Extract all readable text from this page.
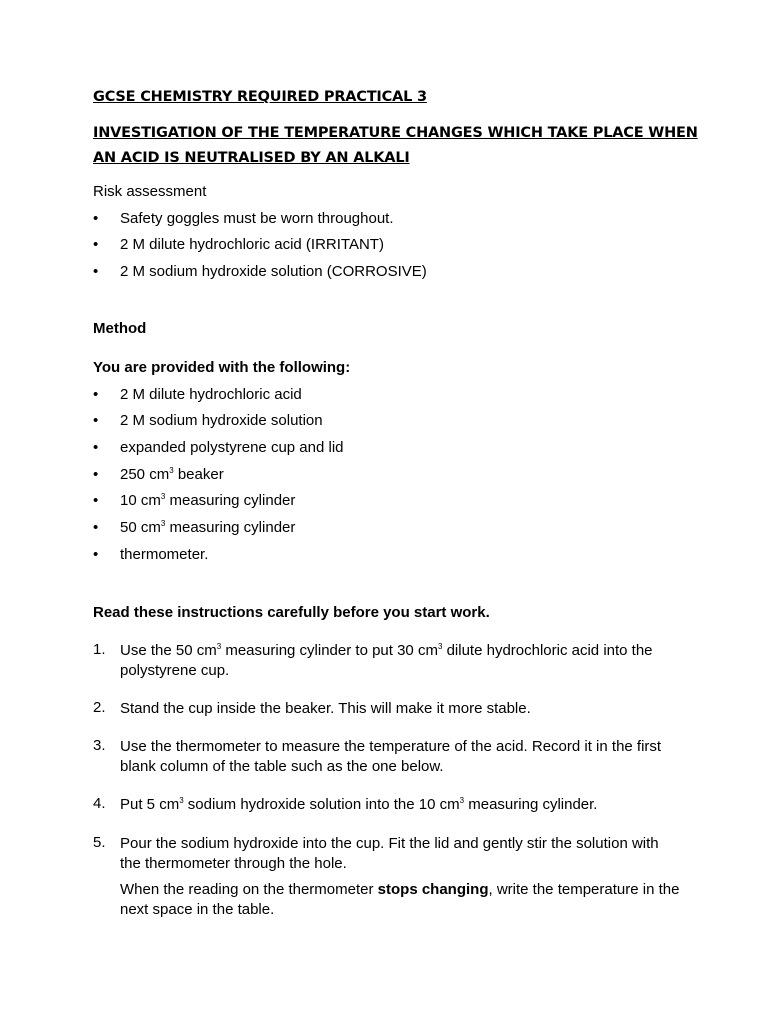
GCSE CHEMISTRY REQUIRED PRACTICAL 3
INVESTIGATION OF THE TEMPERATURE CHANGES WHICH TAKE PLACE WHEN
AN ACID IS NEUTRALISED BY AN ALKALI
Risk assessment
• Safety goggles must be worn throughout.
• 2 M dilute hydrochloric acid (IRRITANT)
• 2 M sodium hydroxide solution (CORROSIVE)
Method
You are provided with the following:
• 2 M dilute hydrochloric acid
• 2 M sodium hydroxide solution
• expanded polystyrene cup and lid
• 250 $cm^3$ beaker
• 10 $cm^3$ measuring cylinder
• 50 $cm^3$ measuring cylinder
• thermometer.
Read these instructions carefully before you start work.
1. Use the 50 $cm^3$ measuring cylinder to put 30 $cm^3$ dilute hydrochloric acid into the polystyrene cup.
2. Stand the cup inside the beaker. This will make it more stable.
3. Use the thermometer to measure the temperature of the acid. Record it in the first blank column of the table such as the one below.
4. Put 5 $cm^3$ sodium hydroxide solution into the 10 $cm^3$ measuring cylinder.
5. Pour the sodium hydroxide into the cup. Fit the lid and gently stir the solution with the thermometer through the hole.
When the reading on the thermometer stops changing, write the temperature in the next space in the table.
